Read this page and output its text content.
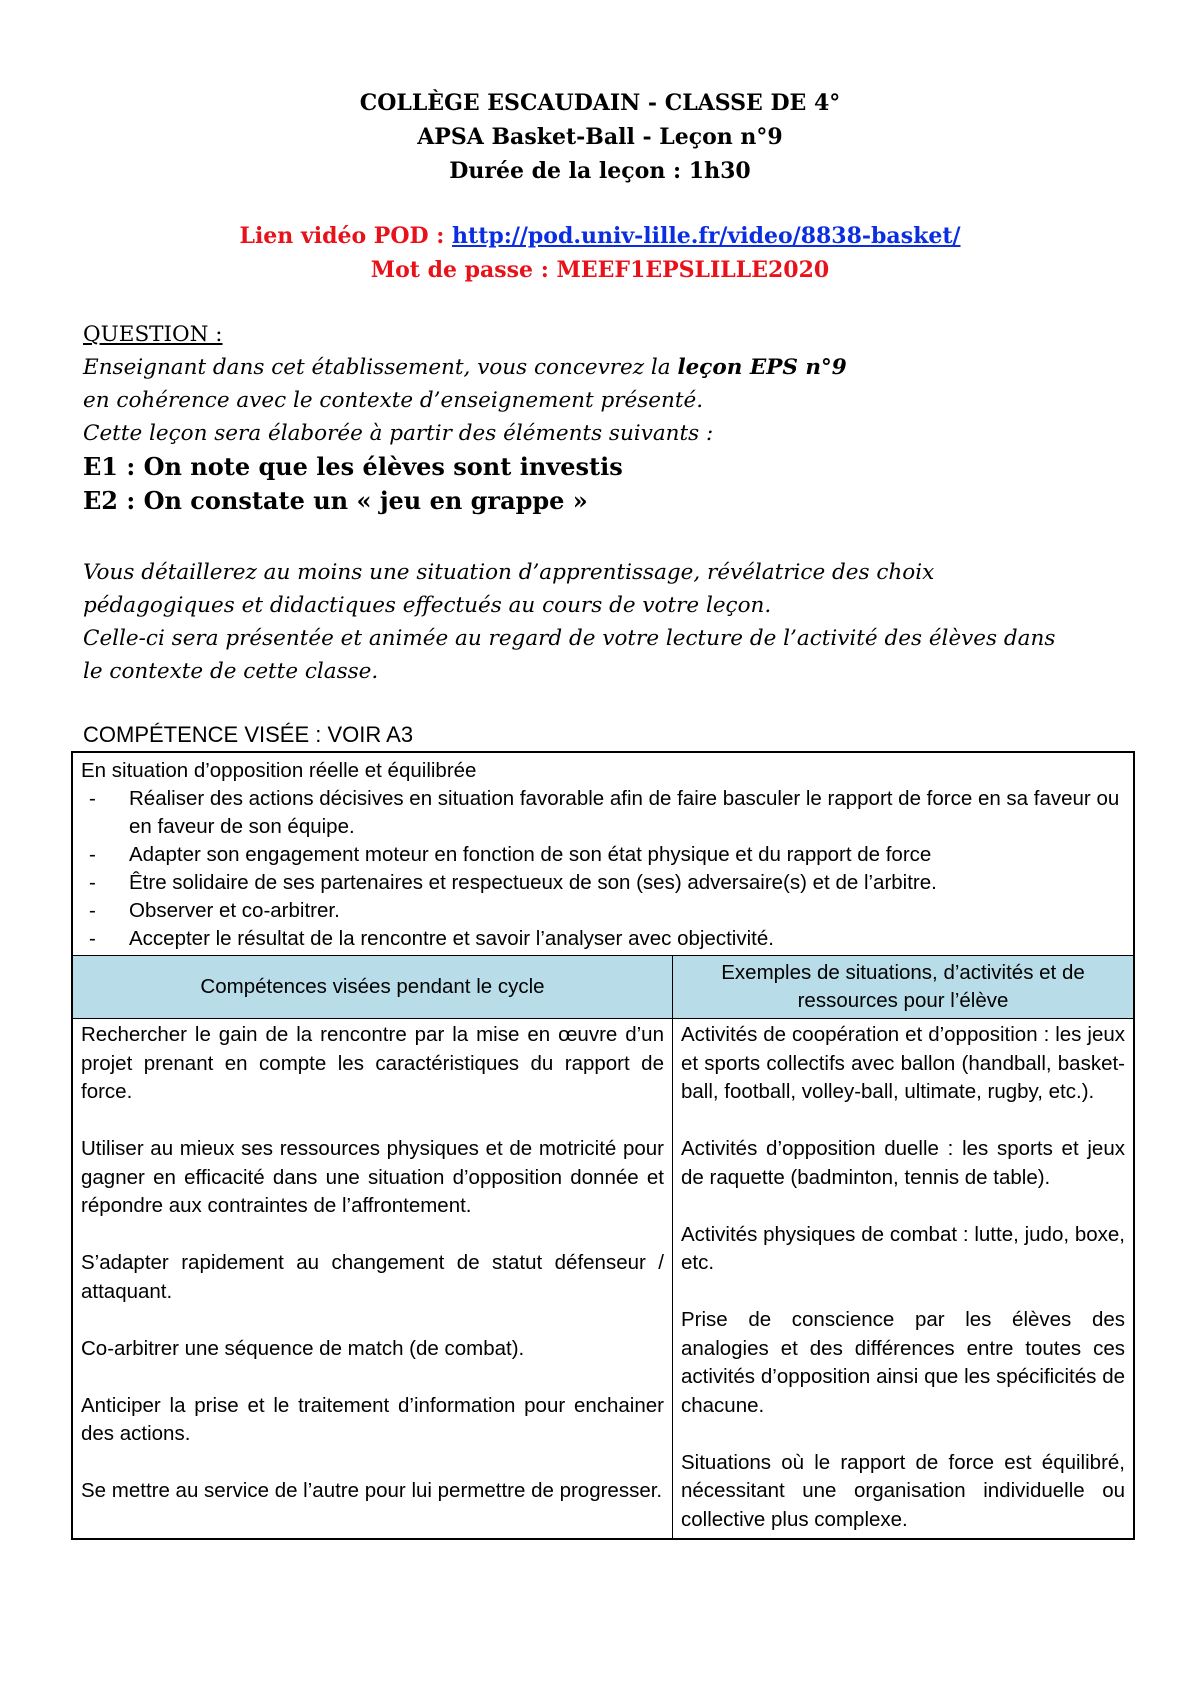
COLLÈGE ESCAUDAIN - CLASSE DE 4°
APSA Basket-Ball - Leçon n°9
Durée de la leçon : 1h30
Lien vidéo POD : http://pod.univ-lille.fr/video/8838-basket/
Mot de passe : MEEF1EPSLILLE2020
QUESTION :
Enseignant dans cet établissement, vous concevrez la leçon EPS n°9
en cohérence avec le contexte d’enseignement présenté.
Cette leçon sera élaborée à partir des éléments suivants :
E1 : On note que les élèves sont investis
E2 : On constate un « jeu en grappe »
Vous détaillerez au moins une situation d’apprentissage, révélatrice des choix
pédagogiques et didactiques effectués au cours de votre leçon.
Celle-ci sera présentée et animée au regard de votre lecture de l’activité des élèves dans
le contexte de cette classe.
COMPÉTENCE VISÉE : VOIR A3
En situation d’opposition réelle et équilibrée
- Réaliser des actions décisives en situation favorable afin de faire basculer le rapport de force en sa faveur ou en faveur de son équipe.
- Adapter son engagement moteur en fonction de son état physique et du rapport de force
- Être solidaire de ses partenaires et respectueux de son (ses) adversaire(s) et de l’arbitre.
- Observer et co-arbitrer.
- Accepter le résultat de la rencontre et savoir l’analyser avec objectivité.
Compétences visées pendant le cycle
Exemples de situations, d’activités et de ressources pour l’élève

Rechercher le gain de la rencontre par la mise en œuvre d’un projet prenant en compte les caractéristiques du rapport de force.

Utiliser au mieux ses ressources physiques et de motricité pour gagner en efficacité dans une situation d’opposition donnée et répondre aux contraintes de l’affrontement.

S’adapter rapidement au changement de statut défenseur / attaquant.

Co-arbitrer une séquence de match (de combat).

Anticiper la prise et le traitement d’information pour enchainer des actions.

Se mettre au service de l’autre pour lui permettre de progresser.

Activités de coopération et d’opposition : les jeux et sports collectifs avec ballon (handball, basket-ball, football, volley-ball, ultimate, rugby, etc.).

Activités d’opposition duelle : les sports et jeux de raquette (badminton, tennis de table).

Activités physiques de combat : lutte, judo, boxe, etc.

Prise de conscience par les élèves des analogies et des différences entre toutes ces activités d’opposition ainsi que les spécificités de chacune.

Situations où le rapport de force est équilibré, nécessitant une organisation individuelle ou collective plus complexe.
